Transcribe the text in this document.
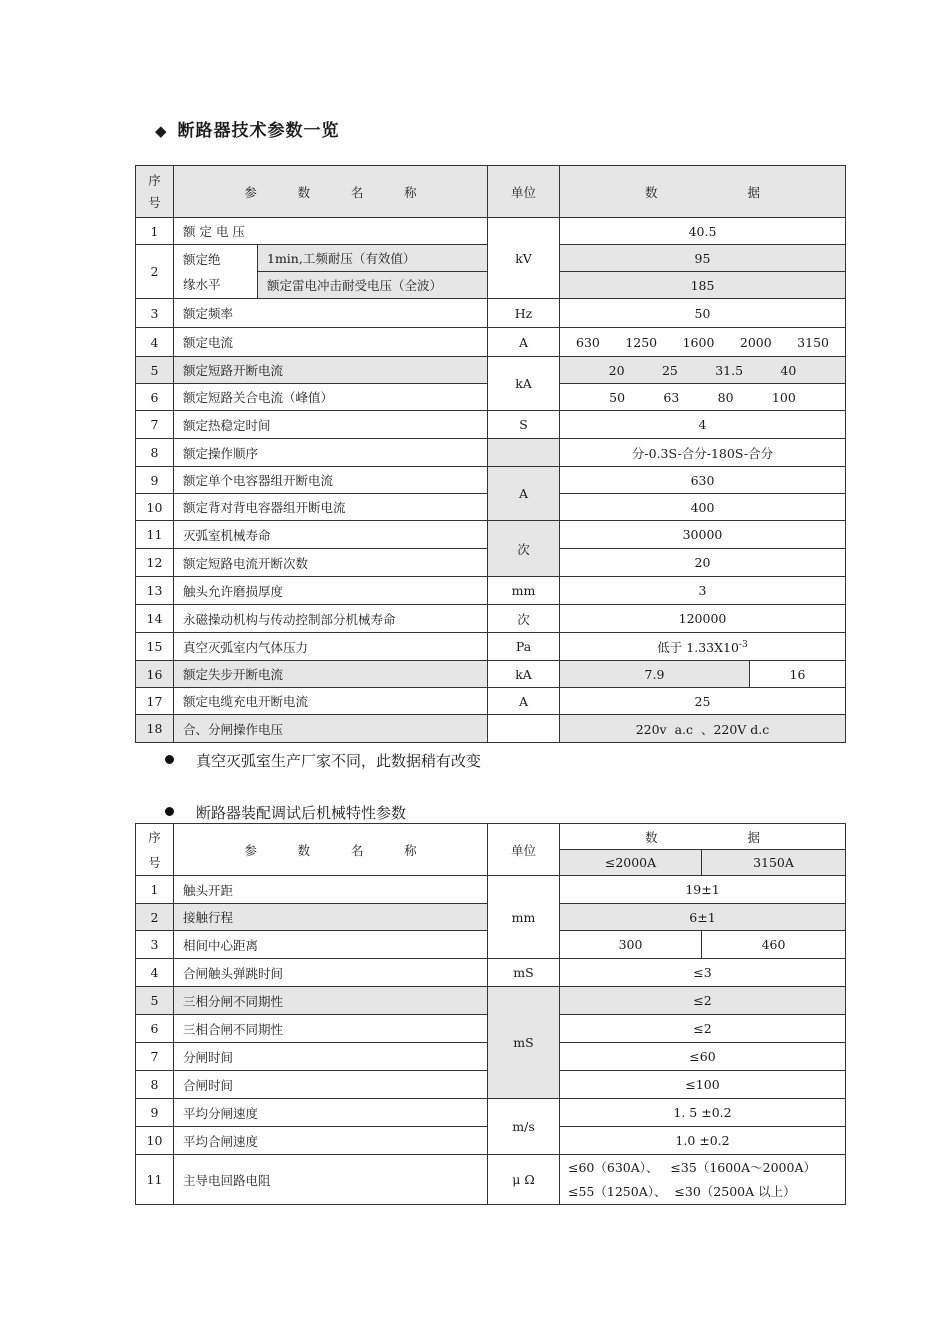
◆ 断路器技术参数一览
序号	参 数 名 称		单位	数 据	

1	额 定 电 压		kV	40.5	
2	额定绝缘水平	1min,工频耐压（有效值）		95	
		额定雷电冲击耐受电压（全波）		185	
3	额定频率		Hz	50	
4	额定电流		A	630 1250 1600 2000 3150	

5	额定短路开断电流		kA	20 25 31.5 40	

6	额定短路关合电流（峰值）			50 63 80 100	

7	额定热稳定时间		S	4	
8	额定操作顺序			分-0.3S-合分-180S-合分	
9	额定单个电容器组开断电流		A	630	
10	额定背对背电容器组开断电流			400	
11	灭弧室机械寿命		次	30000	
12	额定短路电流开断次数			20	
13	触头允许磨损厚度		mm	3	
14	永磁操动机构与传动控制部分机械寿命		次	120000	
15	真空灭弧室内气体压力		Pa	低于 $1.33X10^{-3}$
16	额定失步开断电流		kA	7.9	16
17	额定电缆充电开断电流		A	25	
18	合、分闸操作电压			220v  a.c  、220V d.c	
真空灭弧室生产厂家不同，此数据稍有改变
断路器装配调试后机械特性参数
序号	参 数 名 称	单位	数 据	

			≤2000A	3150A
1	触头开距	mm	19±1	
2	接触行程		6±1	
3	相间中心距离		300	460
4	合闸触头弹跳时间	mS	≤3	
5	三相分闸不同期性	mS	≤2	
6	三相合闸不同期性		≤2	
7	分闸时间		≤60	
8	合闸时间		≤100	
9	平均分闸速度	m/s	1. 5 ±0.2	
10	平均合闸速度		1.0 ±0.2	
11	主导电回路电阻	μ Ω	≤60（630A）、   ≤35（1600A～2000A）
≤55（1250A）、  ≤30（2500A 以上）	
